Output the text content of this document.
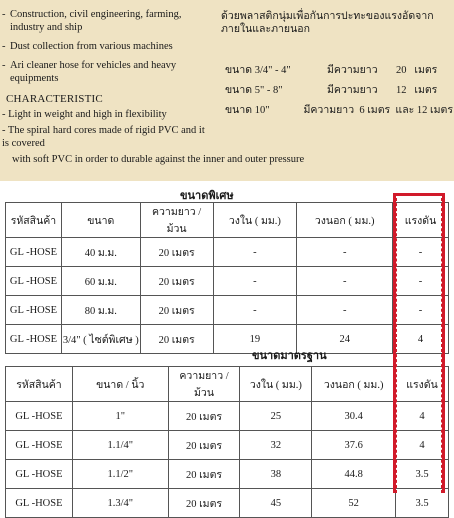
- Construction, civil engineering, farming, industry and ship
- Dust collection from various machines
- Ari cleaner hose for vehicles and heavy equipments
CHARACTERISTIC
- Light in weight and high in flexibility
- The spiral hard cores made of rigid PVC and it is covered
with soft PVC in order to durable against the inner and outer pressure
ด้วยพลาสติกนุ่มเพื่อกันการปะทะของแรงอัดจากภายในและภายนอก
ขนาด 3/4" - 4"	มีความยาว       20   เมตร
ขนาด 5" - 8"	มีความยาว       12   เมตร
ขนาด 10"	มีความยาว  6 เมตร  และ 12 เมตร
ขนาดพิเศษ
รหัสสินค้า	ขนาด	ความยาว / ม้วน	วงใน ( มม.)	วงนอก ( มม.)	แรงดัน
GL -HOSE	40 ม.ม.	20 เมตร	-	-	-
GL -HOSE	60 ม.ม.	20 เมตร	-	-	-
GL -HOSE	80 ม.ม.	20 เมตร	-	-	-
GL -HOSE	3/4" ( ไซต์พิเศษ )	20 เมตร	19	24	4
ขนาดมาตรฐาน
รหัสสินค้า	ขนาด / นิ้ว	ความยาว / ม้วน	วงใน ( มม.)	วงนอก ( มม.)	แรงดัน
GL -HOSE	1"	20 เมตร	25	30.4	4
GL -HOSE	1.1/4"	20 เมตร	32	37.6	4
GL -HOSE	1.1/2"	20 เมตร	38	44.8	3.5
GL -HOSE	1.3/4"	20 เมตร	45	52	3.5
